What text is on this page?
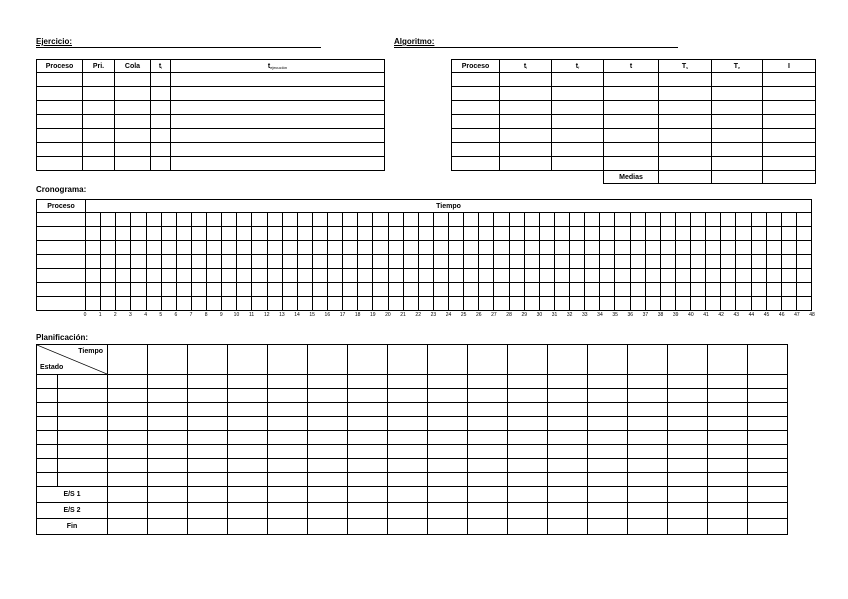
Ejercicio:	Algoritmo:
Proceso	Pri.	Cola	$t_i$	$t_{ejecución}$

					Proceso	$t_i$	$t_f$	t	$T_s$	$T_e$	I

			Medias			
Cronograma:
Proceso	Tiempo																																															

0 1 2 3 4 5 6 7 8 9 10 11 12 13 14 15 16 17 18 19 20 21 22 23 24 25 26 27 28 29 30 31 32 33 34 35 36 37 38 39 40 41 42 43 44 45 46 47 48
Planificación:
Tiempo
Estado																		

E/S 1																		
E/S 2																		
Fin																		
